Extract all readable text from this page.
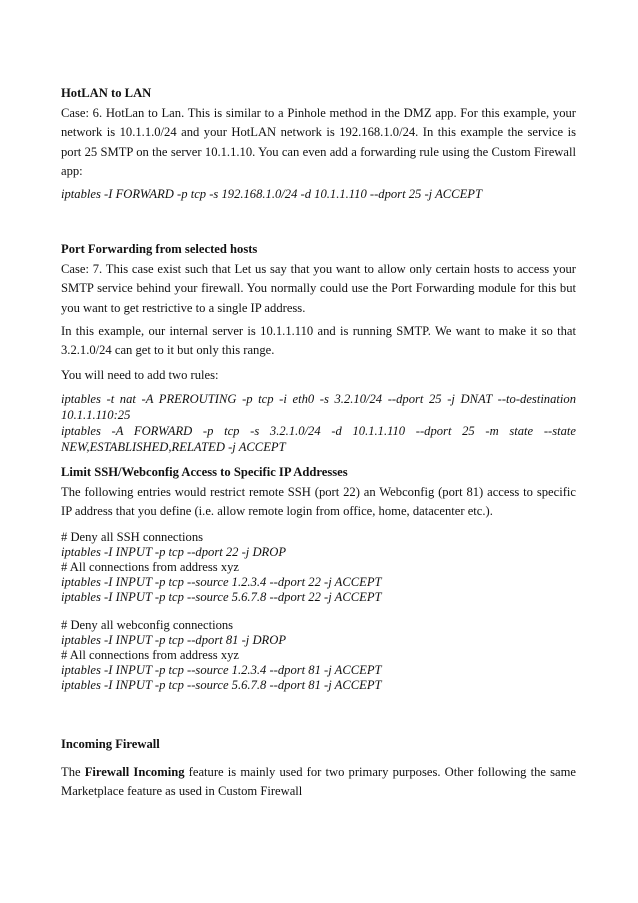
HotLAN to LAN
Case: 6. HotLan to Lan. This is similar to a Pinhole method in the DMZ app. For this example, your network is 10.1.1.0/24 and your HotLAN network is 192.168.1.0/24. In this example the service is port 25 SMTP on the server 10.1.1.10. You can even add a forwarding rule using the Custom Firewall app:
iptables -I FORWARD -p tcp -s 192.168.1.0/24 -d 10.1.1.110 --dport 25 -j ACCEPT
Port Forwarding from selected hosts
Case: 7. This case exist such that Let us say that you want to allow only certain hosts to access your SMTP service behind your firewall. You normally could use the Port Forwarding module for this but you want to get restrictive to a single IP address.
In this example, our internal server is 10.1.1.110 and is running SMTP. We want to make it so that 3.2.1.0/24 can get to it but only this range.
You will need to add two rules:
iptables -t nat -A PREROUTING -p tcp -i eth0 -s 3.2.10/24 --dport 25 -j DNAT --to-destination
10.1.1.110:25
iptables -A FORWARD -p tcp -s 3.2.1.0/24 -d 10.1.1.110 --dport 25 -m state --state
NEW,ESTABLISHED,RELATED -j ACCEPT
Limit SSH/Webconfig Access to Specific IP Addresses
The following entries would restrict remote SSH (port 22) an Webconfig (port 81) access to specific IP address that you define (i.e. allow remote login from office, home, datacenter etc.).
# Deny all SSH connections
iptables -I INPUT -p tcp --dport 22 -j DROP
# All connections from address xyz
iptables -I INPUT -p tcp --source 1.2.3.4 --dport 22 -j ACCEPT
iptables -I INPUT -p tcp --source 5.6.7.8 --dport 22 -j ACCEPT
# Deny all webconfig connections
iptables -I INPUT -p tcp --dport 81 -j DROP
# All connections from address xyz
iptables -I INPUT -p tcp --source 1.2.3.4 --dport 81 -j ACCEPT
iptables -I INPUT -p tcp --source 5.6.7.8 --dport 81 -j ACCEPT
Incoming Firewall
The Firewall Incoming feature is mainly used for two primary purposes. Other following the same Marketplace feature as used in Custom Firewall
